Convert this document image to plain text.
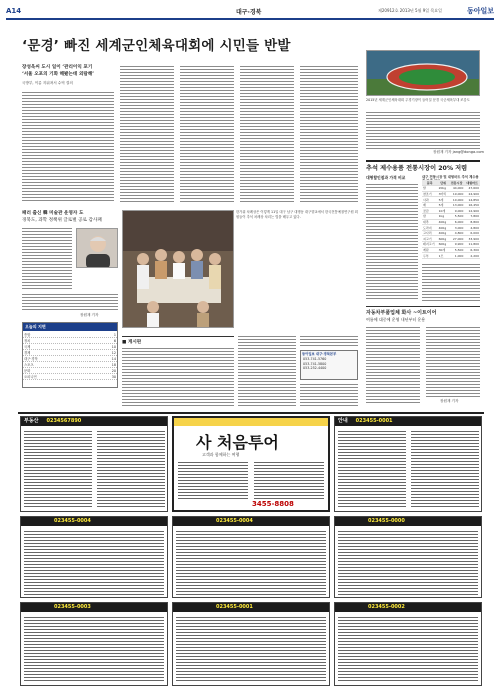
A14	대구·경북	제20912호 2013년 5월 9일 목요일	동아일보
‘문경’ 빠진 세계군인체육대회에 시민들 반발
장성욱씨 도시 일이 ‘관리이익 포기
‘서울 오포의 기화 해봤는데 외람해’
국방부, 이름 지워져서 수역 결의
2015년 세계군인체육대회 주경기장이 들어설 문경 국군체육부대 조감도
장원재 기자 jang@donga.com
패러 출신 韓 미술관 운영자 도
경북도, 과학 정책위 글로벌 공로 감사패
장원재 기자
오늘의 지면
종합	1
정치	6
국제	10
경제	12
대구·경북	14
스포츠	18
문화	20
오피니언	30
한가위 차례상은 이렇게 11일 대구 남구 대명동 대구향교에서 한국전통예절연구원 회원들이 추석 차례상 차리는 법을 배우고 있다.
추석 제수용품 전통시장이 20% 저렴
대형할인점과 가격 비교	대구 전통시장 및 대형마트 추석 제수용
품목	단위	전통시장	대형마트
쌀	20kg	44,000	47,600
참조기	3마리	19,000	24,900
사과	5개	10,000	14,850
배	5개	13,000	16,450
곶감	10개	9,000	12,900
밤	1kg	5,500	7,800
대추	400g	6,000	8,800
도라지	400g	3,000	4,800
고사리	400g	4,800	6,000
쇠고기	600g	27,000	33,900
돼지고기	600g	9,900	11,800
계란	30개	5,500	6,300
두부	1모	1,000	2,200
■ 게시판
동아일보 대구·경북본부
053-741-5760
053-741-5800
053-252-4400
자동차부품업체 화사 ~이트이어
여름에 대중에 운영 내년부터 운용
장원재 기자
부동산 0234567890
사 처음투어
고객과 함께하는 여행
3455-8808
안내 023455-0001
023455-0004	023455-0004	023455-0000
023455-0003	023455-0001	023455-0002
